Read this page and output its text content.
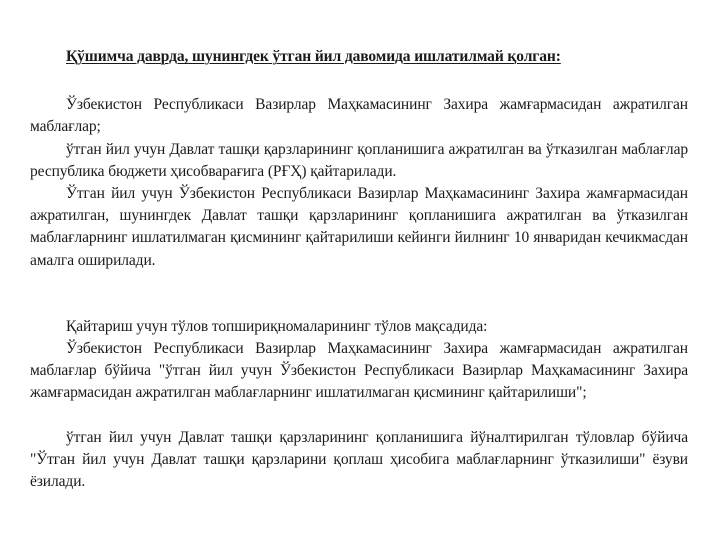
Қўшимча даврда, шунингдек ўтган йил давомида ишлатилмай қолган:

Ўзбекистон Республикаси Вазирлар Маҳкамасининг Захира жамғармасидан ажратилган маблағлар;

ўтган йил учун Давлат ташқи қарзларининг қопланишига ажратилган ва ўтказилган маблағлар республика бюджети ҳисобварағига (РҒҲ) қайтарилади.

Ўтган йил учун Ўзбекистон Республикаси Вазирлар Маҳкамасининг Захира жамғармасидан ажратилган, шунингдек Давлат ташқи қарзларининг қопланишига ажратилган ва ўтказилган маблағларнинг ишлатилмаган қисмининг қайтарилиши кейинги йилнинг 10 январидан кечикмасдан амалга оширилади.

Қайтариш учун тўлов топшириқномаларининг тўлов мақсадида:

Ўзбекистон Республикаси Вазирлар Маҳкамасининг Захира жамғармасидан ажратилган маблағлар бўйича "ўтган йил учун Ўзбекистон Республикаси Вазирлар Маҳкамасининг Захира жамғармасидан ажратилган маблағларнинг ишлатилмаган қисмининг қайтарилиши";

ўтган йил учун Давлат ташқи қарзларининг қопланишига йўналтирилган тўловлар бўйича "Ўтган йил учун Давлат ташқи қарзларини қоплаш ҳисобига маблағларнинг ўтказилиши" ёзуви ёзилади.
